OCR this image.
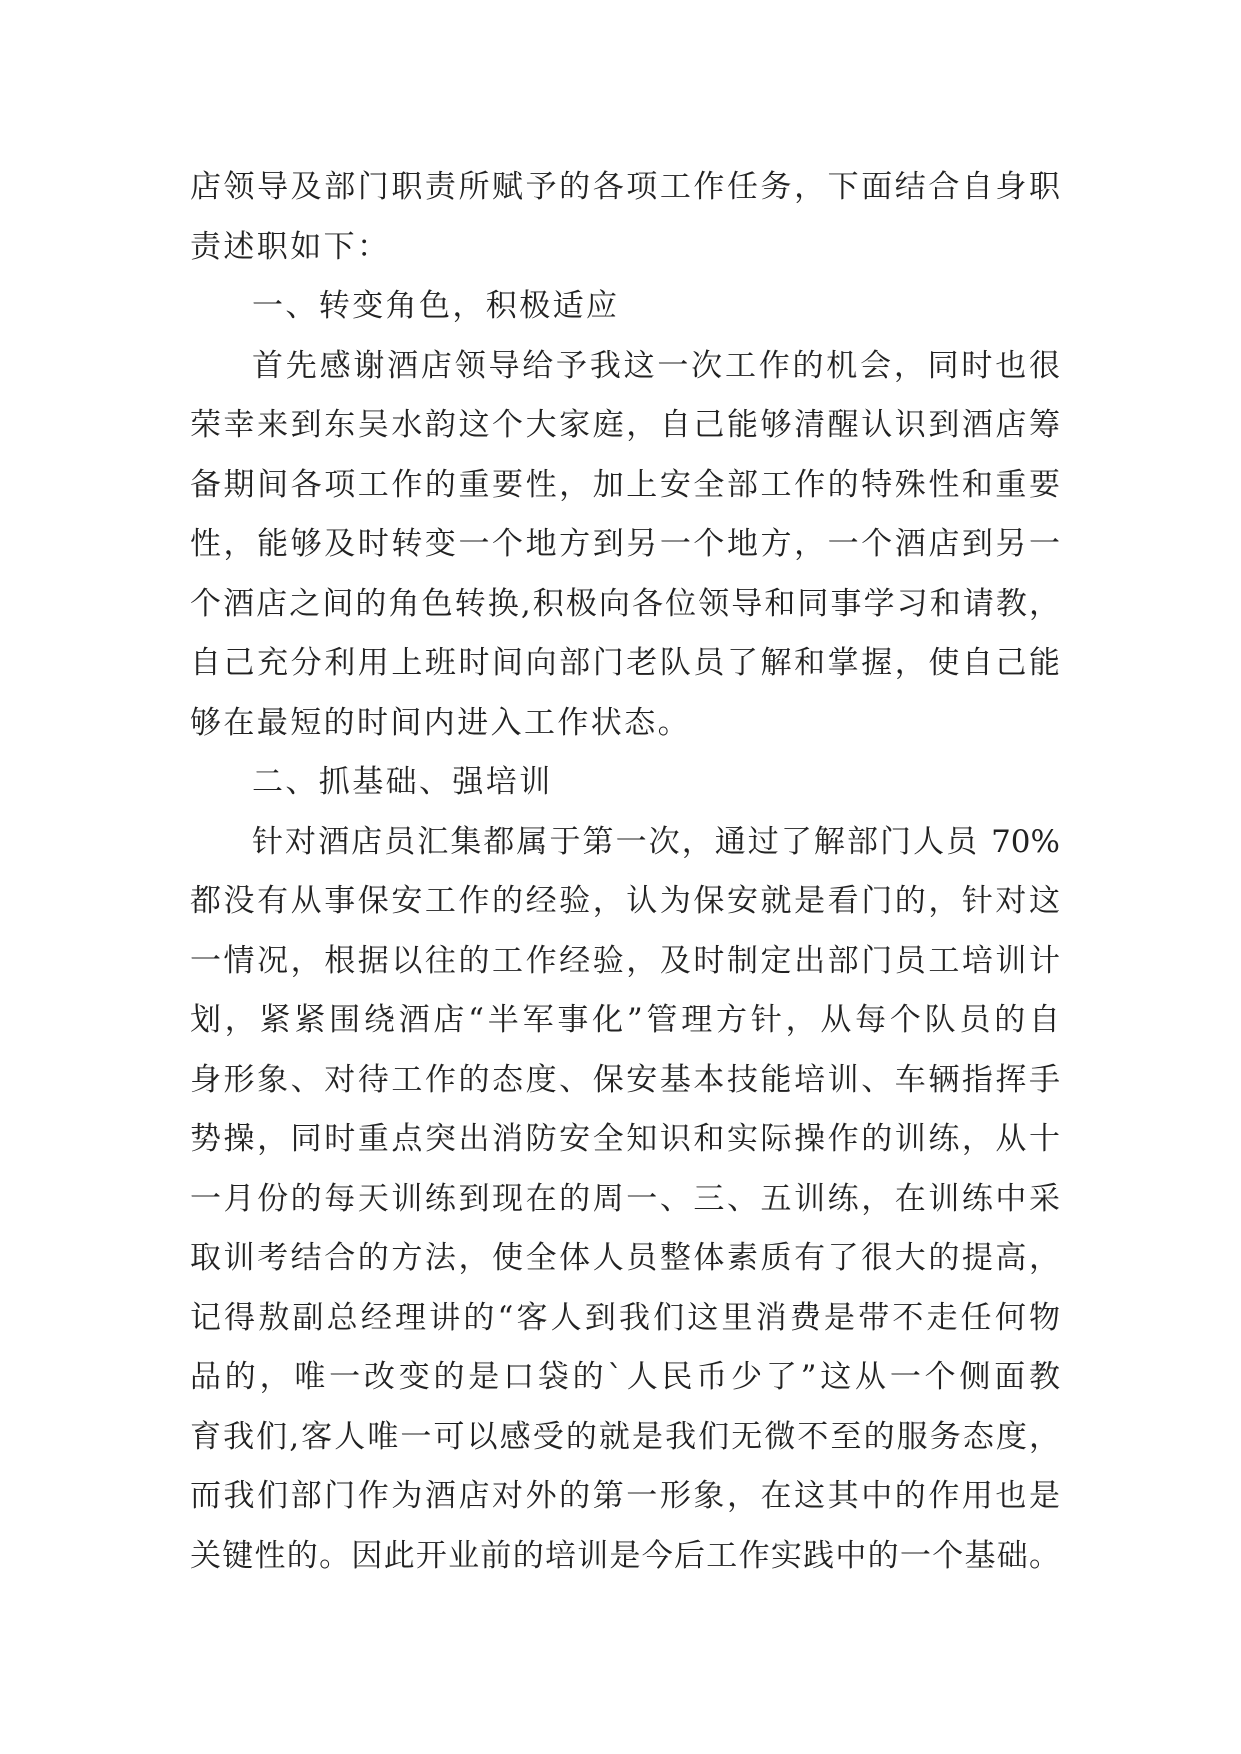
店领导及部门职责所赋予的各项工作任务，下面结合自身职
责述职如下：
一、转变角色，积极适应
首先感谢酒店领导给予我这一次工作的机会，同时也很
荣幸来到东吴水韵这个大家庭，自己能够清醒认识到酒店筹
备期间各项工作的重要性，加上安全部工作的特殊性和重要
性，能够及时转变一个地方到另一个地方，一个酒店到另一
个酒店之间的角色转换,积极向各位领导和同事学习和请教，
自己充分利用上班时间向部门老队员了解和掌握，使自己能
够在最短的时间内进入工作状态。
二、抓基础、强培训
针对酒店员汇集都属于第一次，通过了解部门人员 70%
都没有从事保安工作的经验，认为保安就是看门的，针对这
一情况，根据以往的工作经验，及时制定出部门员工培训计
划，紧紧围绕酒店“半军事化”管理方针，从每个队员的自
身形象、对待工作的态度、保安基本技能培训、车辆指挥手
势操，同时重点突出消防安全知识和实际操作的训练，从十
一月份的每天训练到现在的周一、三、五训练，在训练中采
取训考结合的方法，使全体人员整体素质有了很大的提高，
记得敖副总经理讲的“客人到我们这里消费是带不走任何物
品的，唯一改变的是口袋的`人民币少了”这从一个侧面教
育我们,客人唯一可以感受的就是我们无微不至的服务态度，
而我们部门作为酒店对外的第一形象，在这其中的作用也是
关键性的。因此开业前的培训是今后工作实践中的一个基础。
